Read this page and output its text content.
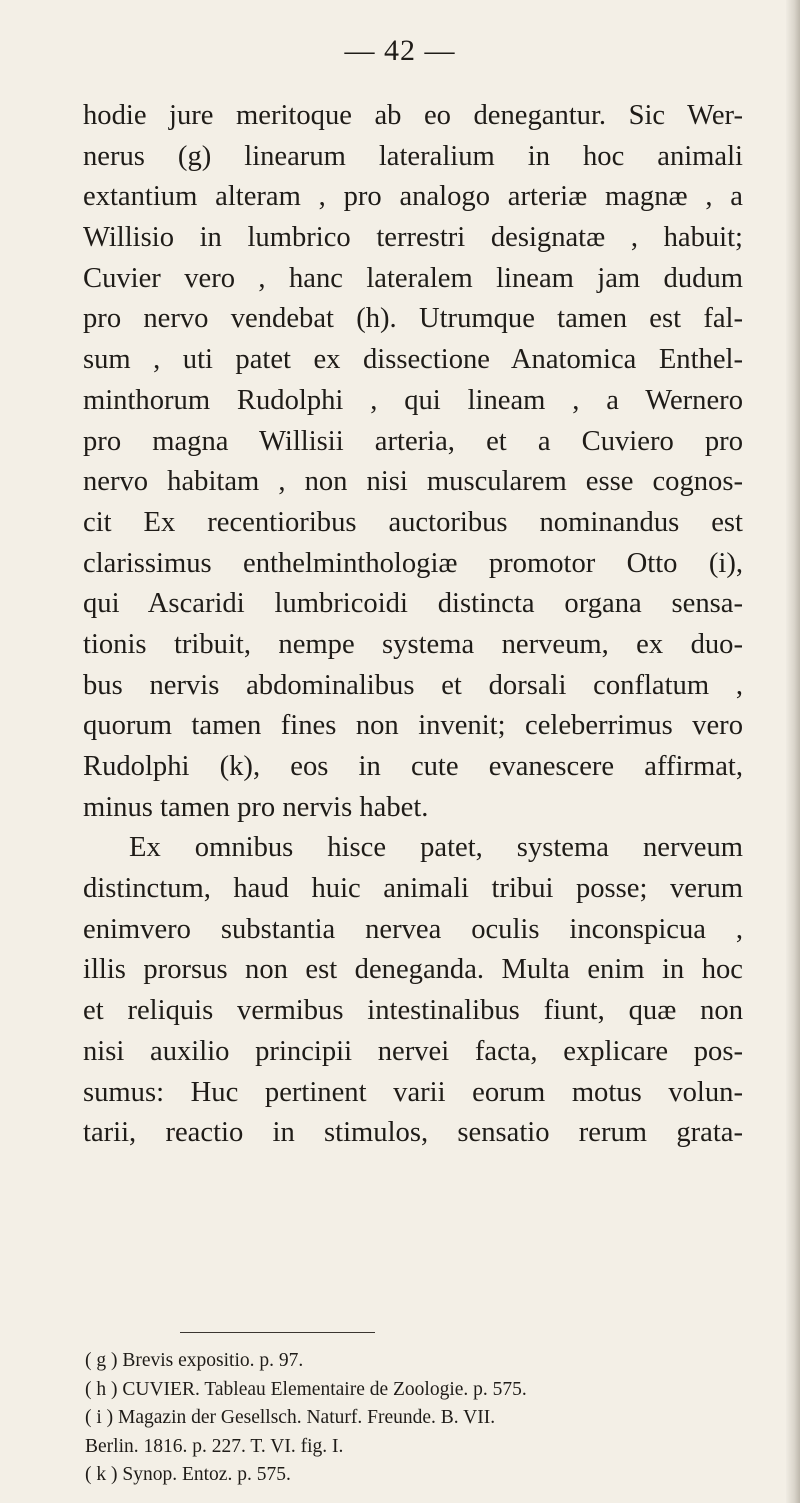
— 42 —
hodie jure meritoque ab eo denegantur. Sic Wer-
nerus (g) linearum lateralium in hoc animali
extantium alteram , pro analogo arteriæ magnæ , a
Willisio in lumbrico terrestri designatæ , habuit;
Cuvier vero , hanc lateralem lineam jam dudum
pro nervo vendebat (h). Utrumque tamen est fal-
sum , uti patet ex dissectione Anatomica Enthel-
minthorum Rudolphi , qui lineam , a Wernero
pro magna Willisii arteria, et a Cuviero pro
nervo habitam , non nisi muscularem esse cognos-
cit Ex recentioribus auctoribus nominandus est
clarissimus enthelminthologiæ promotor Otto (i),
qui Ascaridi lumbricoidi distincta organa sensa-
tionis tribuit, nempe systema nerveum, ex duo-
bus nervis abdominalibus et dorsali conflatum ,
quorum tamen fines non invenit; celeberrimus vero
Rudolphi (k), eos in cute evanescere affirmat,
minus tamen pro nervis habet.
Ex omnibus hisce patet, systema nerveum
distinctum, haud huic animali tribui posse; verum
enimvero substantia nervea oculis inconspicua ,
illis prorsus non est deneganda. Multa enim in hoc
et reliquis vermibus intestinalibus fiunt, quæ non
nisi auxilio principii nervei facta, explicare pos-
sumus: Huc pertinent varii eorum motus volun-
tarii, reactio in stimulos, sensatio rerum grata-
( g ) Brevis expositio. p. 97.
( h ) CUVIER. Tableau Elementaire de Zoologie. p. 575.
( i ) Magazin der Gesellsch. Naturf. Freunde. B. VII.
Berlin. 1816. p. 227. T. VI. fig. I.
( k ) Synop. Entoz. p. 575.
